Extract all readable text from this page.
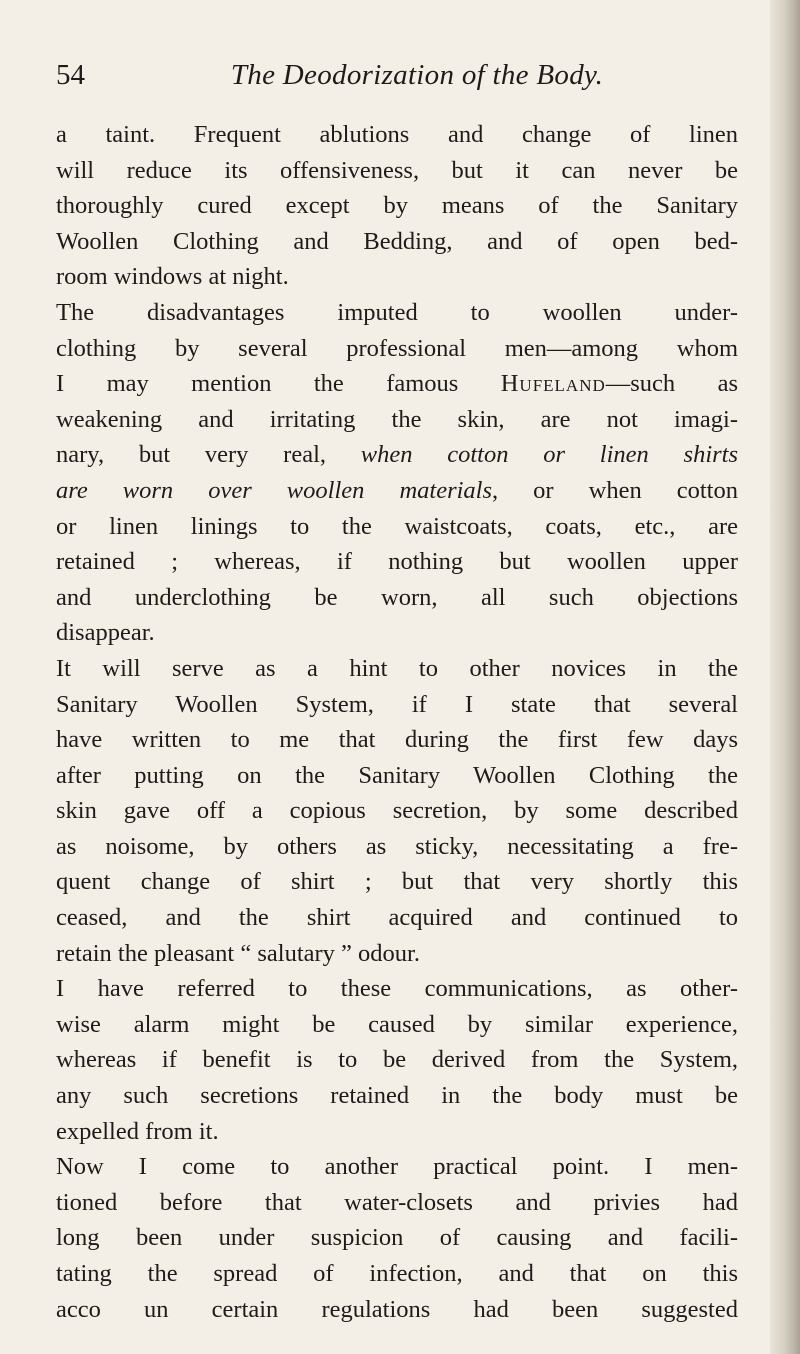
54	The Deodorization of the Body.
a taint. Frequent ablutions and change of linen
will reduce its offensiveness, but it can never be
thoroughly cured except by means of the Sanitary
Woollen Clothing and Bedding, and of open bed-
room windows at night.
The disadvantages imputed to woollen under-
clothing by several professional men—among whom
I may mention the famous Hufeland—such as
weakening and irritating the skin, are not imagi-
nary, but very real, when cotton or linen shirts
are worn over woollen materials, or when cotton
or linen linings to the waistcoats, coats, etc., are
retained ; whereas, if nothing but woollen upper
and underclothing be worn, all such objections
disappear.
It will serve as a hint to other novices in the
Sanitary Woollen System, if I state that several
have written to me that during the first few days
after putting on the Sanitary Woollen Clothing the
skin gave off a copious secretion, by some described
as noisome, by others as sticky, necessitating a fre-
quent change of shirt ; but that very shortly this
ceased, and the shirt acquired and continued to
retain the pleasant “ salutary ” odour.
I have referred to these communications, as other-
wise alarm might be caused by similar experience,
whereas if benefit is to be derived from the System,
any such secretions retained in the body must be
expelled from it.
Now I come to another practical point. I men-
tioned before that water-closets and privies had
long been under suspicion of causing and facili-
tating the spread of infection, and that on this
acco un certain regulations had been suggested
